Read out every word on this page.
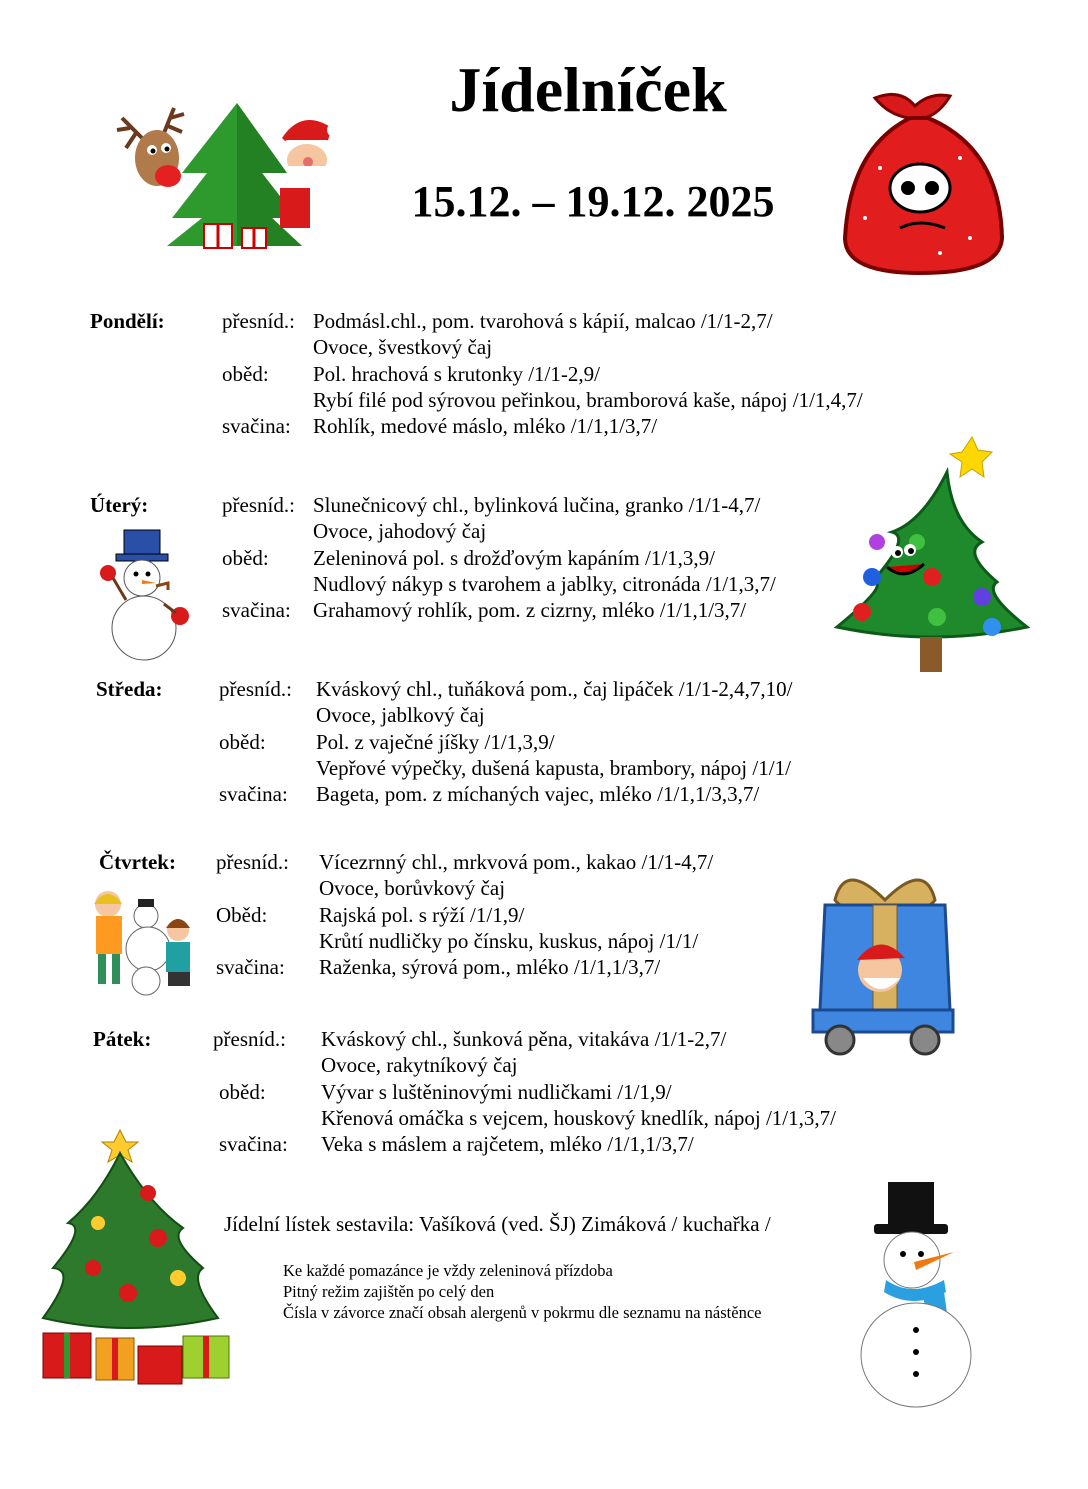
Jídelníček
15.12. – 19.12. 2025
Pondělí:	přesníd.: Podmásl.chl., pom. tvarohová s kápií, malcao /1/1-2,7/
Ovoce, švestkový čaj
oběd: Pol. hrachová s krutonky /1/1-2,9/
Rybí filé pod sýrovou peřinkou, bramborová kaše, nápoj /1/1,4,7/
svačina: Rohlík, medové máslo, mléko /1/1,1/3,7/
Úterý:	přesníd.: Slunečnicový chl., bylinková lučina, granko /1/1-4,7/
Ovoce, jahodový čaj
oběd: Zeleninová pol. s drožďovým kapáním /1/1,3,9/
Nudlový nákyp s tvarohem a jablky, citronáda /1/1,3,7/
svačina: Grahamový rohlík, pom. z cizrny, mléko /1/1,1/3,7/
Středa:	přesníd.: Kváskový chl., tuňáková pom., čaj lipáček /1/1-2,4,7,10/
Ovoce, jablkový čaj
oběd: Pol. z vaječné jíšky /1/1,3,9/
Vepřové výpečky, dušená kapusta, brambory, nápoj /1/1/
svačina: Bageta, pom. z míchaných vajec, mléko /1/1,1/3,3,7/
Čtvrtek: přesníd.: Vícezrnný chl., mrkvová pom., kakao /1/1-4,7/
Ovoce, borůvkový čaj
Oběd: Rajská pol. s rýží /1/1,9/
Krůtí nudličky po čínsku, kuskus, nápoj /1/1/
svačina: Raženka, sýrová pom., mléko /1/1,1/3,7/
Pátek:	přesníd.: Kváskový chl., šunková pěna, vitakáva /1/1-2,7/
Ovoce, rakytníkový čaj
oběd:	Vývar s luštěninovými nudličkami /1/1,9/
Křenová omáčka s vejcem, houskový knedlík, nápoj /1/1,3,7/
svačina: Veka s máslem a rajčetem, mléko /1/1,1/3,7/
Jídelní lístek sestavila: Vašíková (ved. ŠJ) Zimáková / kuchařka /
Ke každé pomazánce je vždy zeleninová přízdoba
Pitný režim zajištěn po celý den
Čísla v závorce značí obsah alergenů v pokrmu dle seznamu na nástěnce
